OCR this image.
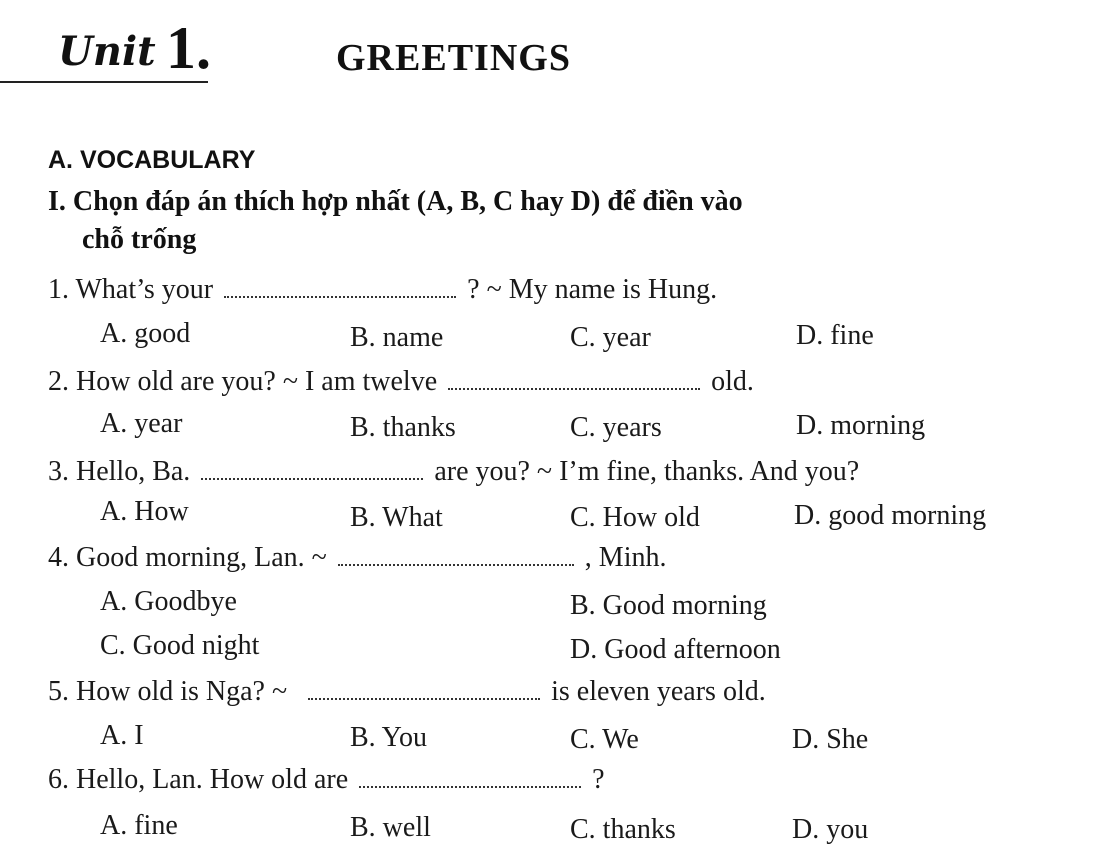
Unit 1.	GREETINGS
A. VOCABULARY
I. Chọn đáp án thích hợp nhất (A, B, C hay D) để điền vào
chỗ trống
1. What’s your	? ~ My name is Hung.
A. good	B. name	C. year	D. fine
2. How old are you? ~ I am twelve	old.
A. year	B. thanks	C. years	D. morning
3. Hello, Ba.	are you? ~ I’m fine, thanks. And you?
A. How	B. What	C. How old	D. good morning
4. Good morning, Lan. ~	, Minh.
A. Goodbye	B. Good morning
C. Good night	D. Good afternoon
5. How old is Nga? ~	is eleven years old.
A. I	B. You	C. We	D. She
6. Hello, Lan. How old are	?
A. fine	B. well	C. thanks	D. you
